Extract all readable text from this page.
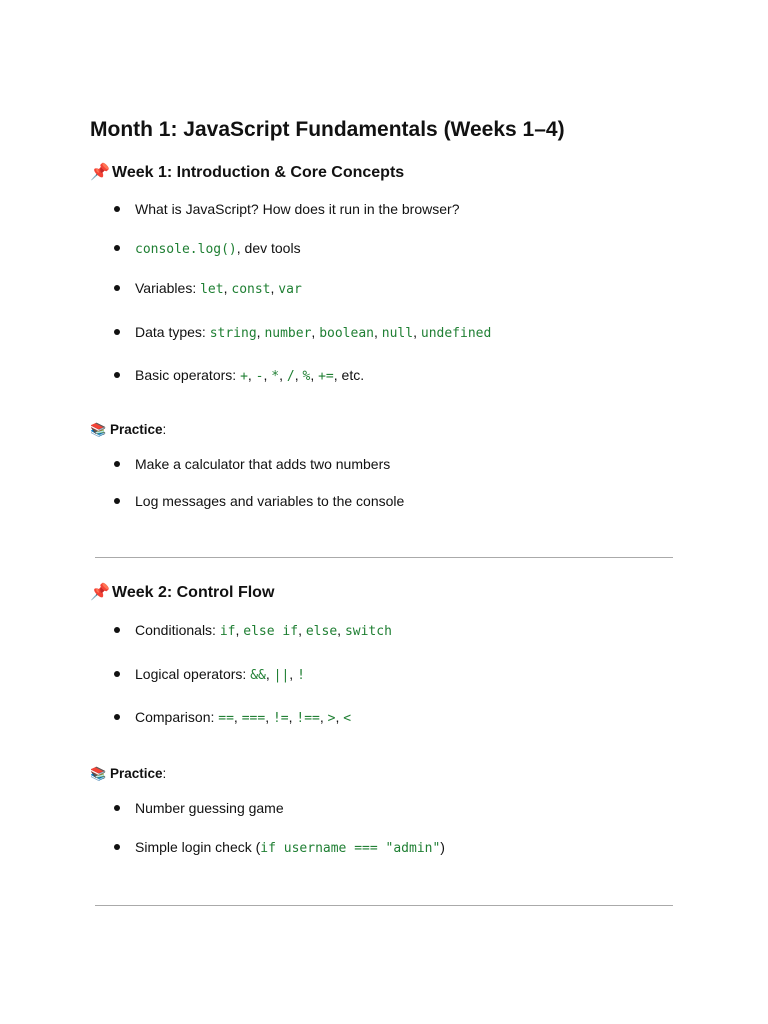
Month 1: JavaScript Fundamentals (Weeks 1–4)
📌 Week 1: Introduction & Core Concepts
What is JavaScript? How does it run in the browser?
console.log(), dev tools
Variables: let, const, var
Data types: string, number, boolean, null, undefined
Basic operators: +, -, *, /, %, +=, etc.
📚 Practice:
Make a calculator that adds two numbers
Log messages and variables to the console
📌 Week 2: Control Flow
Conditionals: if, else if, else, switch
Logical operators: &&, ||, !
Comparison: ==, ===, !=, !==, >, <
📚 Practice:
Number guessing game
Simple login check (if username === "admin")
